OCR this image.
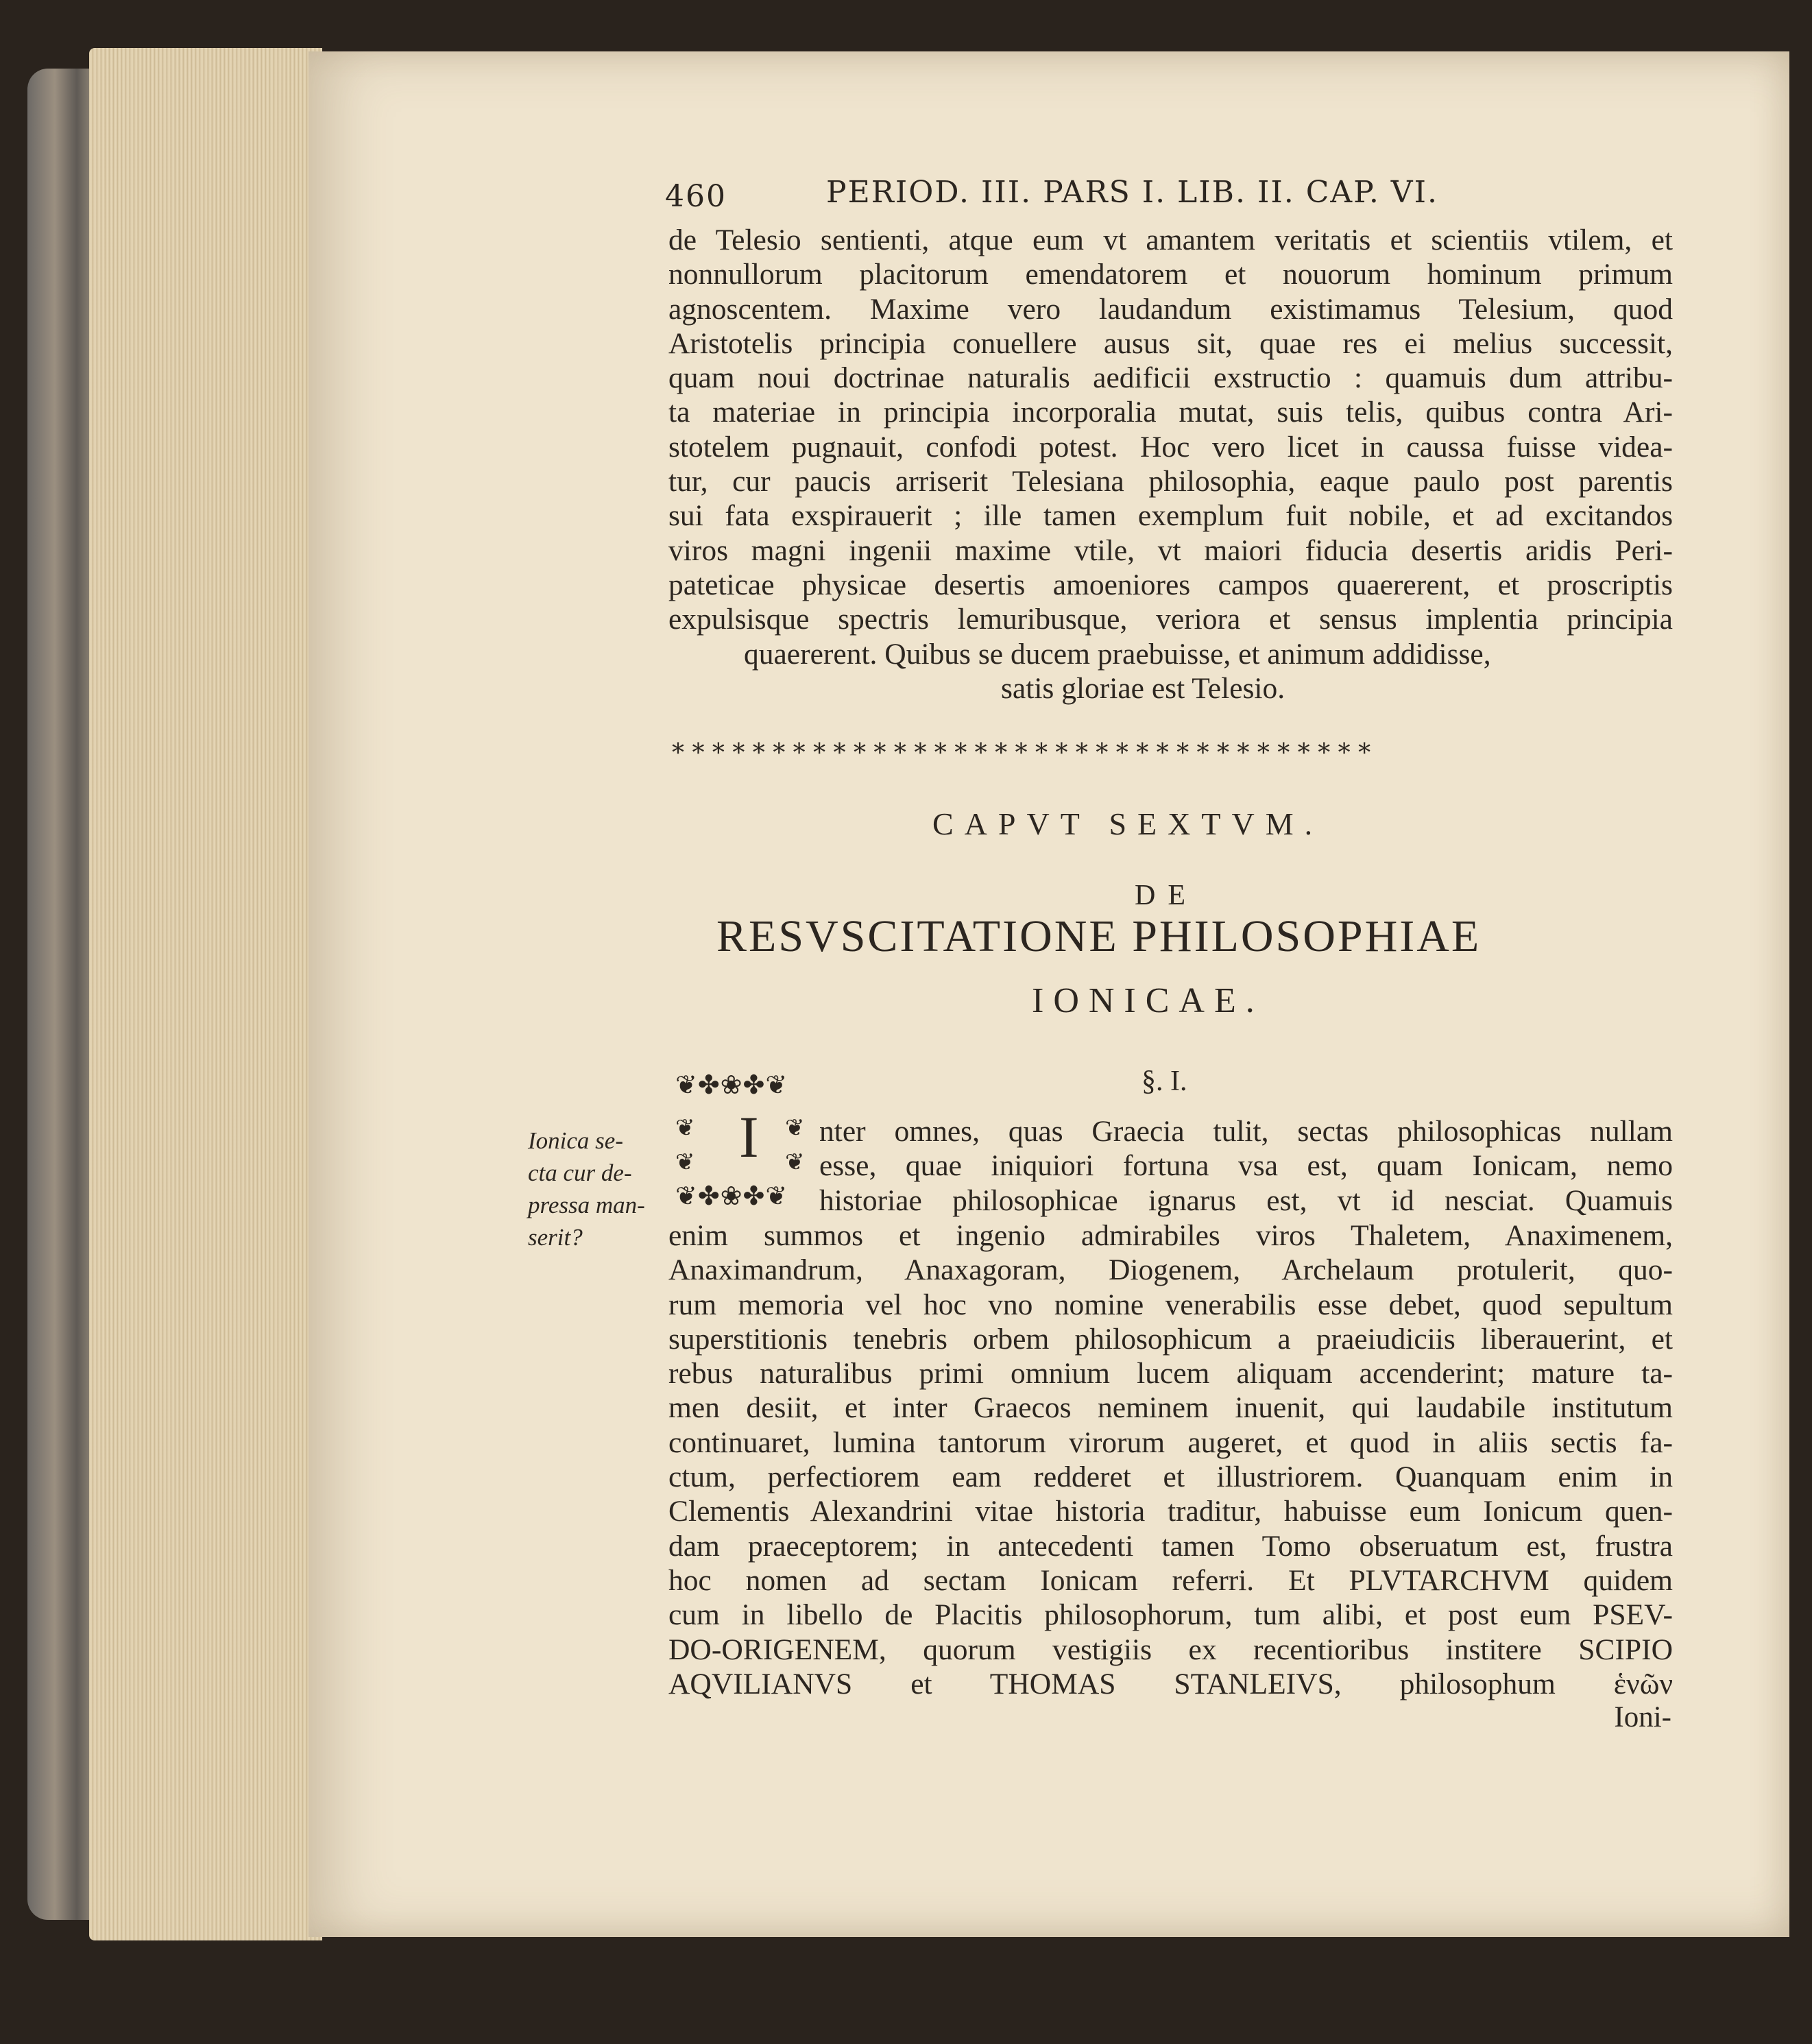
460	PERIOD. III. PARS I. LIB. II. CAP. VI.
de Telesio sentienti, atque eum vt amantem veritatis et scientiis vtilem, et
nonnullorum placitorum emendatorem et nouorum hominum primum
agnoscentem. Maxime vero laudandum existimamus Telesium, quod
Aristotelis principia conuellere ausus sit, quae res ei melius successit,
quam noui doctrinae naturalis aedificii exstructio : quamuis dum attribu-
ta materiae in principia incorporalia mutat, suis telis, quibus contra Ari-
stotelem pugnauit, confodi potest. Hoc vero licet in caussa fuisse videa-
tur, cur paucis arriserit Telesiana philosophia, eaque paulo post parentis
sui fata exspirauerit ; ille tamen exemplum fuit nobile, et ad excitandos
viros magni ingenii maxime vtile, vt maiori fiducia desertis aridis Peri-
pateticae physicae desertis amoeniores campos quaererent, et proscriptis
expulsisque spectris lemuribusque, veriora et sensus implentia principia
quaererent. Quibus se ducem praebuisse, et animum addidisse,
satis gloriae est Telesio.
* * * * * * * * * * * * * * * * * * * * * * * * * * * * * * * * * * *
CAPVT SEXTVM.
DE
RESVSCITATIONE PHILOSOPHIAE
IONICAE.
❦✤❀✤❦
❦
❦
❦
❦
❦✤❀✤❦
§. I.
I nter omnes, quas Graecia tulit, sectas philosophicas nullam
esse, quae iniquiori fortuna vsa est, quam Ionicam, nemo
historiae philosophicae ignarus est, vt id nesciat. Quamuis
Ionica se-
cta cur de-
pressa man-
serit?	enim summos et ingenio admirabiles viros Thaletem, Anaximenem,
Anaximandrum, Anaxagoram, Diogenem, Archelaum protulerit, quo-
rum memoria vel hoc vno nomine venerabilis esse debet, quod sepultum
superstitionis tenebris orbem philosophicum a praeiudiciis liberauerint, et
rebus naturalibus primi omnium lucem aliquam accenderint; mature ta-
men desiit, et inter Graecos neminem inuenit, qui laudabile institutum
continuaret, lumina tantorum virorum augeret, et quod in aliis sectis fa-
ctum, perfectiorem eam redderet et illustriorem. Quanquam enim in
Clementis Alexandrini vitae historia traditur, habuisse eum Ionicum quen-
dam praeceptorem; in antecedenti tamen Tomo obseruatum est, frustra
hoc nomen ad sectam Ionicam referri. Et PLVTARCHVM quidem
cum in libello de Placitis philosophorum, tum alibi, et post eum PSEV-
DO-ORIGENEM, quorum vestigiis ex recentioribus institere SCIPIO
AQVILIANVS et THOMAS STANLEIVS, philosophum ἑνῶν
Ioni-
